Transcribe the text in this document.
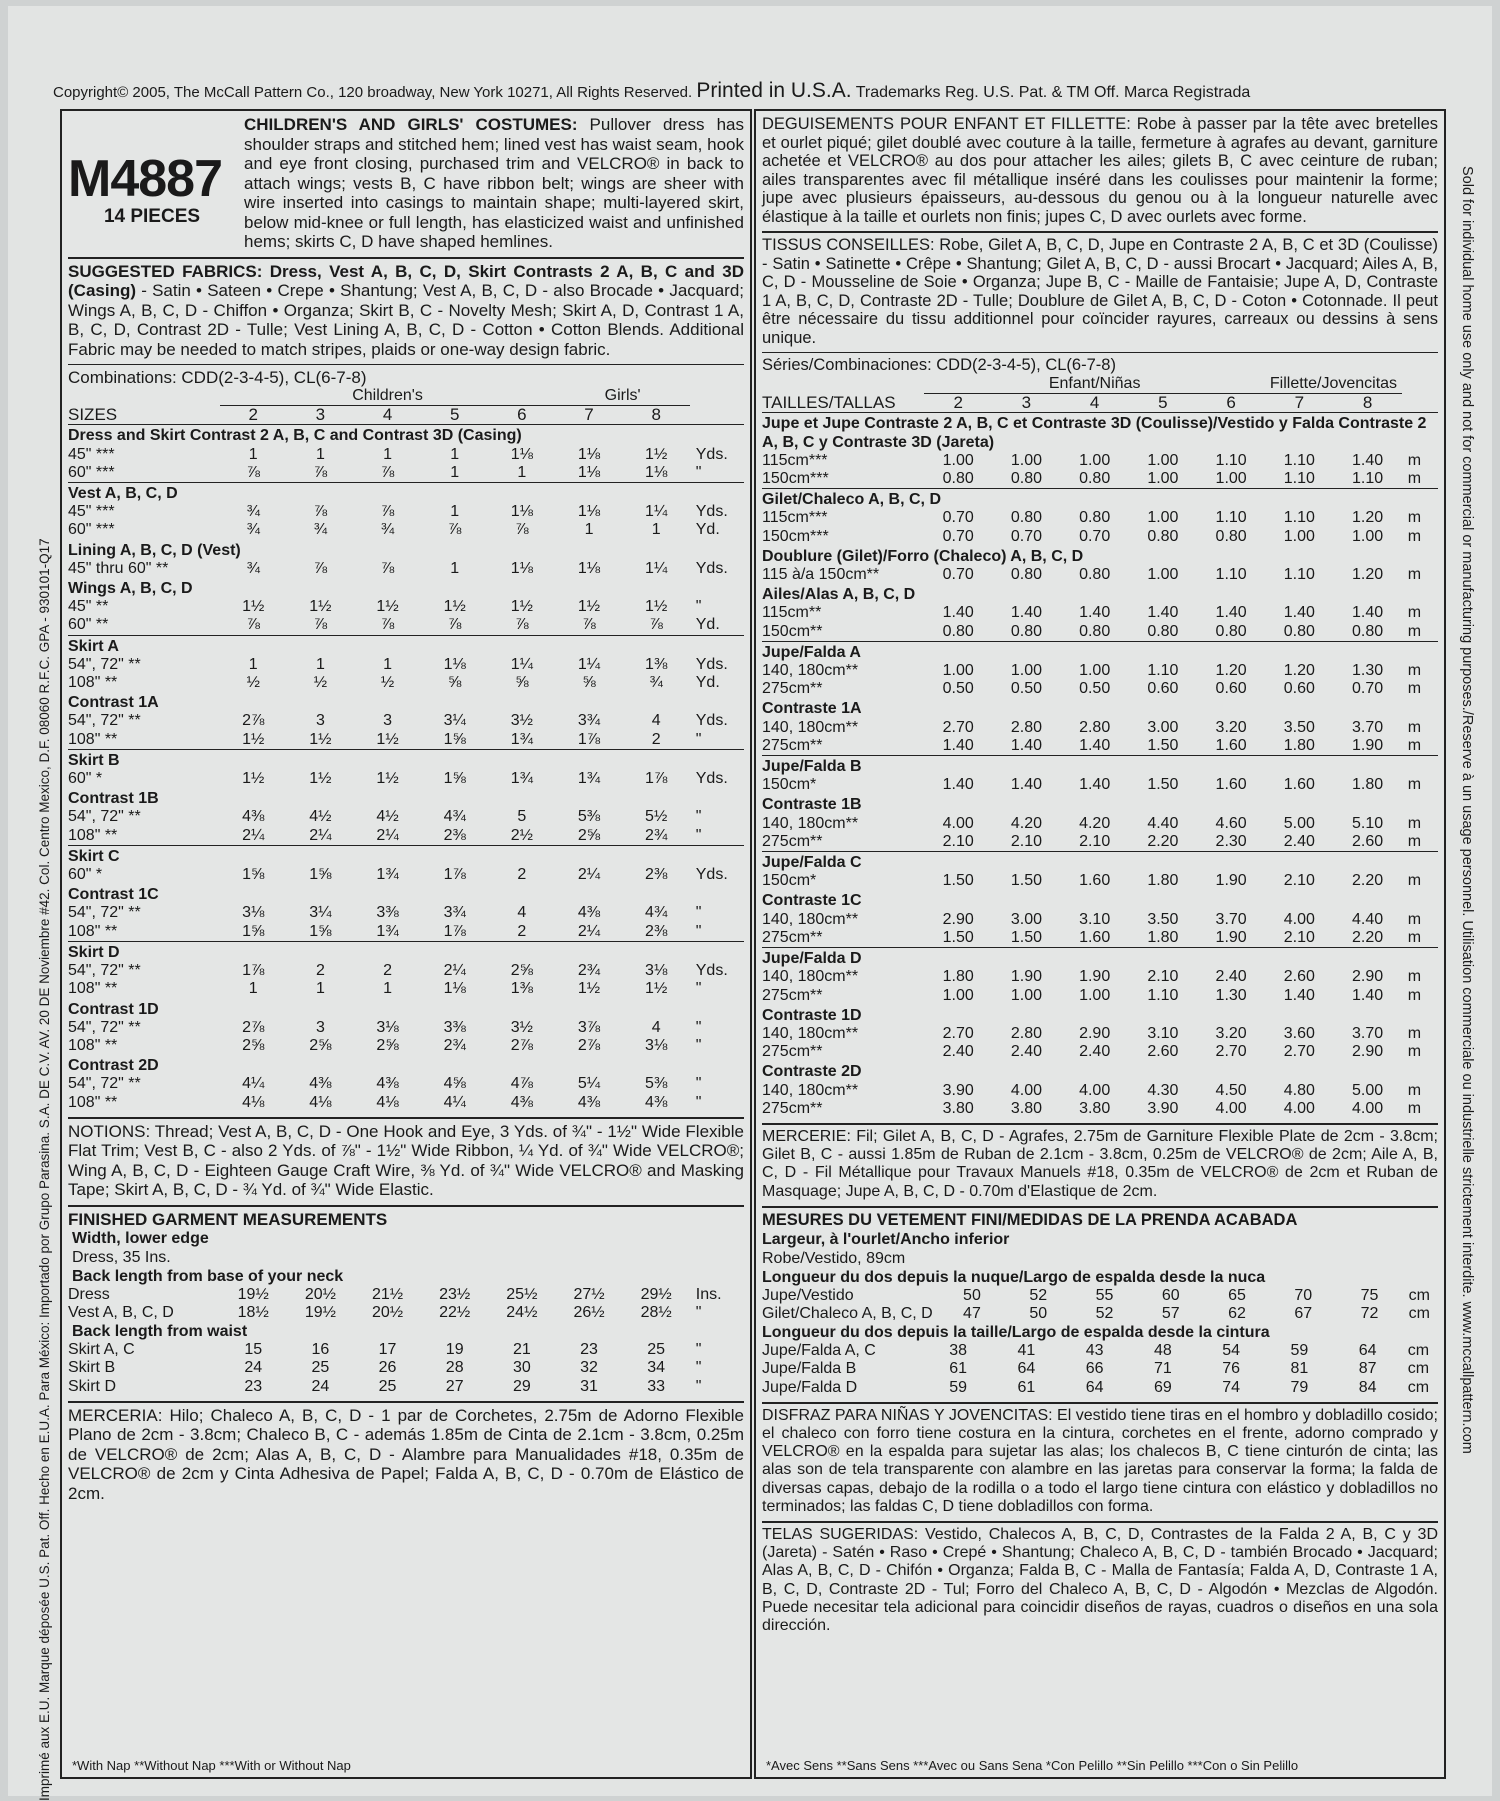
Copyright© 2005, The McCall Pattern Co., 120 broadway, New York 10271, All Rights Reserved. Printed in U.S.A. Trademarks Reg. U.S. Pat. & TM Off. Marca Registrada
Imprimé aux E.U. Marque déposée U.S. Pat. Off. Hecho en E.U.A. Para México: Importado por Grupo Parasina. S.A. DE C.V. AV. 20 DE Noviembre #42. Col. Centro Mexico, D.F. 08060 R.F.C. GPA - 930101-Q17	Sold for individual home use only and not for commercial or manufacturing purposes./Reserve à un usage personnel. Utilisation commerciale ou industrielle strictement interdite. www.mccallpattern.com
M4887
14 PIECES
CHILDREN'S AND GIRLS' COSTUMES: Pullover dress has shoulder straps and stitched hem; lined vest has waist seam, hook and eye front closing, purchased trim and VELCRO® in back to attach wings; vests B, C have ribbon belt; wings are sheer with wire inserted into casings to maintain shape; multi-layered skirt, below mid-knee or full length, has elasticized waist and unfinished hems; skirts C, D have shaped hemlines.
SUGGESTED FABRICS: Dress, Vest A, B, C, D, Skirt Contrasts 2 A, B, C and 3D (Casing) - Satin • Sateen • Crepe • Shantung; Vest A, B, C, D - also Brocade • Jacquard; Wings A, B, C, D - Chiffon • Organza; Skirt B, C - Novelty Mesh; Skirt A, D, Contrast 1 A, B, C, D, Contrast 2D - Tulle; Vest Lining A, B, C, D - Cotton • Cotton Blends. Additional Fabric may be needed to match stripes, plaids or one-way design fabric.
Combinations: CDD(2-3-4-5), CL(6-7-8)
	Children's					Girls'		
SIZES	2	3	4	5	6	7	8	
Dress and Skirt Contrast 2 A, B, C and Contrast 3D (Casing)								
45" ***	1	1	1	1	1⅛	1⅛	1½	Yds.
60" ***	⅞	⅞	⅞	1	1	1⅛	1⅛	"
Vest A, B, C, D								
45" ***	¾	⅞	⅞	1	1⅛	1⅛	1¼	Yds.
60" ***	¾	¾	¾	⅞	⅞	1	1	Yd.
Lining A, B, C, D (Vest)								
45" thru 60" **	¾	⅞	⅞	1	1⅛	1⅛	1¼	Yds.
Wings A, B, C, D								
45" **	1½	1½	1½	1½	1½	1½	1½	"
60" **	⅞	⅞	⅞	⅞	⅞	⅞	⅞	Yd.
Skirt A								
54", 72" **	1	1	1	1⅛	1¼	1¼	1⅜	Yds.
108" **	½	½	½	⅝	⅝	⅝	¾	Yd.
Contrast 1A								
54", 72" **	2⅞	3	3	3¼	3½	3¾	4	Yds.
108" **	1½	1½	1½	1⅝	1¾	1⅞	2	"
Skirt B								
60" *	1½	1½	1½	1⅝	1¾	1¾	1⅞	Yds.
Contrast 1B								
54", 72" **	4⅜	4½	4½	4¾	5	5⅜	5½	"
108" **	2¼	2¼	2¼	2⅜	2½	2⅝	2¾	"
Skirt C								
60" *	1⅝	1⅝	1¾	1⅞	2	2¼	2⅜	Yds.
Contrast 1C								
54", 72" **	3⅛	3¼	3⅜	3¾	4	4⅜	4¾	"
108" **	1⅝	1⅝	1¾	1⅞	2	2¼	2⅜	"
Skirt D								
54", 72" **	1⅞	2	2	2¼	2⅝	2¾	3⅛	Yds.
108" **	1	1	1	1⅛	1⅜	1½	1½	"
Contrast 1D								
54", 72" **	2⅞	3	3⅛	3⅜	3½	3⅞	4	"
108" **	2⅝	2⅝	2⅝	2¾	2⅞	2⅞	3⅛	"
Contrast 2D								
54", 72" **	4¼	4⅜	4⅜	4⅝	4⅞	5¼	5⅜	"
108" **	4⅛	4⅛	4⅛	4¼	4⅜	4⅜	4⅜	"
NOTIONS: Thread; Vest A, B, C, D - One Hook and Eye, 3 Yds. of ¾" - 1½" Wide Flexible Flat Trim; Vest B, C - also 2 Yds. of ⅞" - 1½" Wide Ribbon, ¼ Yd. of ¾" Wide VELCRO®; Wing A, B, C, D - Eighteen Gauge Craft Wire, ⅜ Yd. of ¾" Wide VELCRO® and Masking Tape; Skirt A, B, C, D - ¾ Yd. of ¾" Wide Elastic.
FINISHED GARMENT MEASUREMENTS
Width, lower edge
Dress, 35 Ins.
Back length from base of your neck
Dress	19½	20½	21½	23½	25½	27½	29½	Ins.
Vest A, B, C, D	18½	19½	20½	22½	24½	26½	28½	"
Back length from waist
Skirt A, C	15	16	17	19	21	23	25	"
Skirt B	24	25	26	28	30	32	34	"
Skirt D	23	24	25	27	29	31	33	"
MERCERIA: Hilo; Chaleco A, B, C, D - 1 par de Corchetes, 2.75m de Adorno Flexible Plano de 2cm - 3.8cm; Chaleco B, C - además 1.85m de Cinta de 2.1cm - 3.8cm, 0.25m de VELCRO® de 2cm; Alas A, B, C, D - Alambre para Manualidades #18, 0.35m de VELCRO® de 2cm y Cinta Adhesiva de Papel; Falda A, B, C, D - 0.70m de Elástico de 2cm.
*With Nap **Without Nap ***With or Without Nap
DEGUISEMENTS POUR ENFANT ET FILLETTE: Robe à passer par la tête avec bretelles et ourlet piqué; gilet doublé avec couture à la taille, fermeture à agrafes au devant, garniture achetée et VELCRO® au dos pour attacher les ailes; gilets B, C avec ceinture de ruban; ailes transparentes avec fil métallique inséré dans les coulisses pour maintenir la forme; jupe avec plusieurs épaisseurs, au-dessous du genou ou à la longueur naturelle avec élastique à la taille et ourlets non finis; jupes C, D avec ourlets avec forme.
TISSUS CONSEILLES: Robe, Gilet A, B, C, D, Jupe en Contraste 2 A, B, C et 3D (Coulisse) - Satin • Satinette • Crêpe • Shantung; Gilet A, B, C, D - aussi Brocart • Jacquard; Ailes A, B, C, D - Mousseline de Soie • Organza; Jupe B, C - Maille de Fantaisie; Jupe A, D, Contraste 1 A, B, C, D, Contraste 2D - Tulle; Doublure de Gilet A, B, C, D - Coton • Cotonnade. Il peut être nécessaire du tissu additionnel pour coïncider rayures, carreaux ou dessins à sens unique.
Séries/Combinaciones: CDD(2-3-4-5), CL(6-7-8)
	Enfant/Niñas					Fillette/Jovencitas		
TAILLES/TALLAS	2	3	4	5	6	7	8	
Jupe et Jupe Contraste 2 A, B, C et Contraste 3D (Coulisse)/Vestido y Falda Contraste 2 A, B, C y Contraste 3D (Jareta)								
115cm***	1.00	1.00	1.00	1.00	1.10	1.10	1.40	m
150cm***	0.80	0.80	0.80	1.00	1.00	1.10	1.10	m
Gilet/Chaleco A, B, C, D								
115cm***	0.70	0.80	0.80	1.00	1.10	1.10	1.20	m
150cm***	0.70	0.70	0.70	0.80	0.80	1.00	1.00	m
Doublure (Gilet)/Forro (Chaleco) A, B, C, D								
115 à/a 150cm**	0.70	0.80	0.80	1.00	1.10	1.10	1.20	m
Ailes/Alas A, B, C, D								
115cm**	1.40	1.40	1.40	1.40	1.40	1.40	1.40	m
150cm**	0.80	0.80	0.80	0.80	0.80	0.80	0.80	m
Jupe/Falda A								
140, 180cm**	1.00	1.00	1.00	1.10	1.20	1.20	1.30	m
275cm**	0.50	0.50	0.50	0.60	0.60	0.60	0.70	m
Contraste 1A								
140, 180cm**	2.70	2.80	2.80	3.00	3.20	3.50	3.70	m
275cm**	1.40	1.40	1.40	1.50	1.60	1.80	1.90	m
Jupe/Falda B								
150cm*	1.40	1.40	1.40	1.50	1.60	1.60	1.80	m
Contraste 1B								
140, 180cm**	4.00	4.20	4.20	4.40	4.60	5.00	5.10	m
275cm**	2.10	2.10	2.10	2.20	2.30	2.40	2.60	m
Jupe/Falda C								
150cm*	1.50	1.50	1.60	1.80	1.90	2.10	2.20	m
Contraste 1C								
140, 180cm**	2.90	3.00	3.10	3.50	3.70	4.00	4.40	m
275cm**	1.50	1.50	1.60	1.80	1.90	2.10	2.20	m
Jupe/Falda D								
140, 180cm**	1.80	1.90	1.90	2.10	2.40	2.60	2.90	m
275cm**	1.00	1.00	1.00	1.10	1.30	1.40	1.40	m
Contraste 1D								
140, 180cm**	2.70	2.80	2.90	3.10	3.20	3.60	3.70	m
275cm**	2.40	2.40	2.40	2.60	2.70	2.70	2.90	m
Contraste 2D								
140, 180cm**	3.90	4.00	4.00	4.30	4.50	4.80	5.00	m
275cm**	3.80	3.80	3.80	3.90	4.00	4.00	4.00	m
MERCERIE: Fil; Gilet A, B, C, D - Agrafes, 2.75m de Garniture Flexible Plate de 2cm - 3.8cm; Gilet B, C - aussi 1.85m de Ruban de 2.1cm - 3.8cm, 0.25m de VELCRO® de 2cm; Aile A, B, C, D - Fil Métallique pour Travaux Manuels #18, 0.35m de VELCRO® de 2cm et Ruban de Masquage; Jupe A, B, C, D - 0.70m d'Elastique de 2cm.
MESURES DU VETEMENT FINI/MEDIDAS DE LA PRENDA ACABADA
Largeur, à l'ourlet/Ancho inferior
Robe/Vestido, 89cm
Longueur du dos depuis la nuque/Largo de espalda desde la nuca
Jupe/Vestido	50	52	55	60	65	70	75	cm
Gilet/Chaleco A, B, C, D	47	50	52	57	62	67	72	cm
Longueur du dos depuis la taille/Largo de espalda desde la cintura
Jupe/Falda A, C	38	41	43	48	54	59	64	cm
Jupe/Falda B	61	64	66	71	76	81	87	cm
Jupe/Falda D	59	61	64	69	74	79	84	cm
DISFRAZ PARA NIÑAS Y JOVENCITAS: El vestido tiene tiras en el hombro y dobladillo cosido; el chaleco con forro tiene costura en la cintura, corchetes en el frente, adorno comprado y VELCRO® en la espalda para sujetar las alas; los chalecos B, C tiene cinturón de cinta; las alas son de tela transparente con alambre en las jaretas para conservar la forma; la falda de diversas capas, debajo de la rodilla o a todo el largo tiene cintura con elástico y dobladillos no terminados; las faldas C, D tiene dobladillos con forma.
TELAS SUGERIDAS: Vestido, Chalecos A, B, C, D, Contrastes de la Falda 2 A, B, C y 3D (Jareta) - Satén • Raso • Crepé • Shantung; Chaleco A, B, C, D - también Brocado • Jacquard; Alas A, B, C, D - Chifón • Organza; Falda B, C - Malla de Fantasía; Falda A, D, Contraste 1 A, B, C, D, Contraste 2D - Tul; Forro del Chaleco A, B, C, D - Algodón • Mezclas de Algodón. Puede necesitar tela adicional para coincidir diseños de rayas, cuadros o diseños en una sola dirección.
*Avec Sens **Sans Sens ***Avec ou Sans Sena *Con Pelillo **Sin Pelillo ***Con o Sin Pelillo
